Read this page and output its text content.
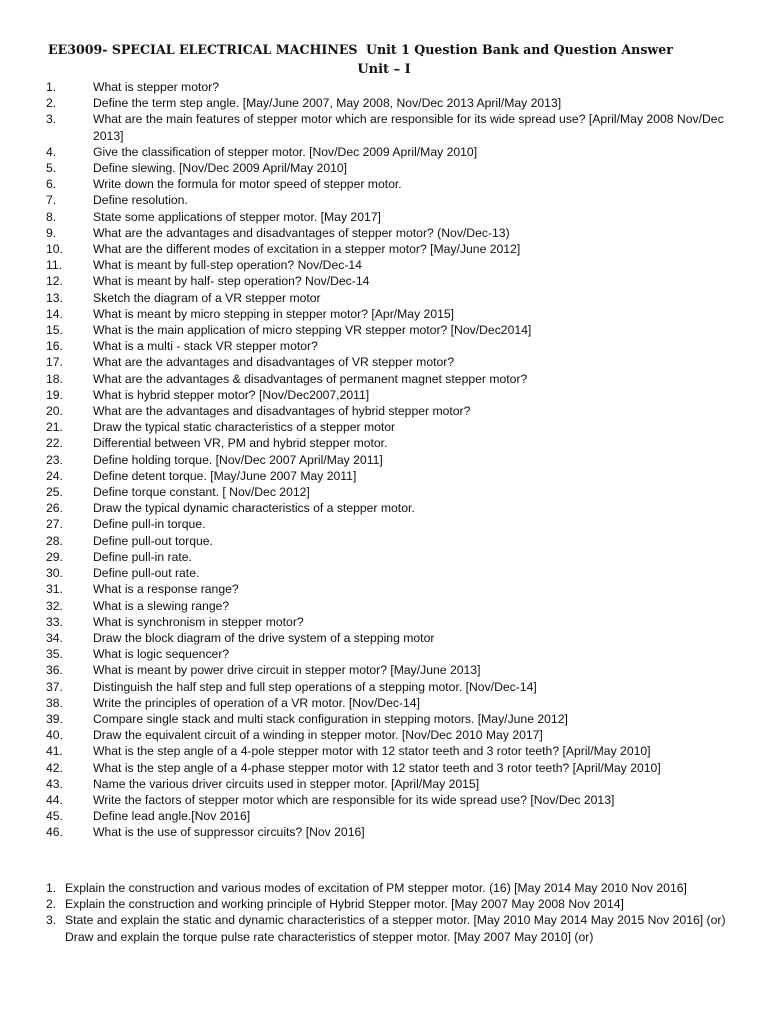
EE3009- SPECIAL ELECTRICAL MACHINES Unit 1 Question Bank and Question Answer
Unit – I
1.	What is stepper motor?
2.	Define the term step angle. [May/June 2007, May 2008, Nov/Dec 2013 April/May 2013]
3.	What are the main features of stepper motor which are responsible for its wide spread use? [April/May 2008 Nov/Dec 2013]
4.	Give the classification of stepper motor. [Nov/Dec 2009 April/May 2010]
5.	Define slewing. [Nov/Dec 2009 April/May 2010]
6.	Write down the formula for motor speed of stepper motor.
7.	Define resolution.
8.	State some applications of stepper motor. [May 2017]
9.	What are the advantages and disadvantages of stepper motor? (Nov/Dec-13)
10.	What are the different modes of excitation in a stepper motor? [May/June 2012]
11.	What is meant by full-step operation? Nov/Dec-14
12.	What is meant by half- step operation? Nov/Dec-14
13.	Sketch the diagram of a VR stepper motor
14.	What is meant by micro stepping in stepper motor? [Apr/May 2015]
15.	What is the main application of micro stepping VR stepper motor? [Nov/Dec2014]
16.	What is a multi - stack VR stepper motor?
17.	What are the advantages and disadvantages of VR stepper motor?
18.	What are the advantages & disadvantages of permanent magnet stepper motor?
19.	What is hybrid stepper motor? [Nov/Dec2007,2011]
20.	What are the advantages and disadvantages of hybrid stepper motor?
21.	Draw the typical static characteristics of a stepper motor
22.	Differential between VR, PM and hybrid stepper motor.
23.	Define holding torque. [Nov/Dec 2007 April/May 2011]
24.	Define detent torque. [May/June 2007 May 2011]
25.	Define torque constant. [ Nov/Dec 2012]
26.	Draw the typical dynamic characteristics of a stepper motor.
27.	Define pull-in torque.
28.	Define pull-out torque.
29.	Define pull-in rate.
30.	Define pull-out rate.
31.	What is a response range?
32.	What is a slewing range?
33.	What is synchronism in stepper motor?
34.	Draw the block diagram of the drive system of a stepping motor
35.	What is logic sequencer?
36.	What is meant by power drive circuit in stepper motor? [May/June 2013]
37.	Distinguish the half step and full step operations of a stepping motor. [Nov/Dec-14]
38.	Write the principles of operation of a VR motor. [Nov/Dec-14]
39.	Compare single stack and multi stack configuration in stepping motors. [May/June 2012]
40.	Draw the equivalent circuit of a winding in stepper motor. [Nov/Dec 2010 May 2017]
41.	What is the step angle of a 4-pole stepper motor with 12 stator teeth and 3 rotor teeth? [April/May 2010]
42.	What is the step angle of a 4-phase stepper motor with 12 stator teeth and 3 rotor teeth? [April/May 2010]
43.	Name the various driver circuits used in stepper motor. [April/May 2015]
44.	Write the factors of stepper motor which are responsible for its wide spread use? [Nov/Dec 2013]
45.	Define lead angle.[Nov 2016]
46.	What is the use of suppressor circuits? [Nov 2016]
1. Explain the construction and various modes of excitation of PM stepper motor. (16) [May 2014 May 2010 Nov 2016]
2. Explain the construction and working principle of Hybrid Stepper motor. [May 2007 May 2008 Nov 2014]
3. State and explain the static and dynamic characteristics of a stepper motor. [May 2010 May 2014 May 2015 Nov 2016] (or) Draw and explain the torque pulse rate characteristics of stepper motor. [May 2007 May 2010] (or)
